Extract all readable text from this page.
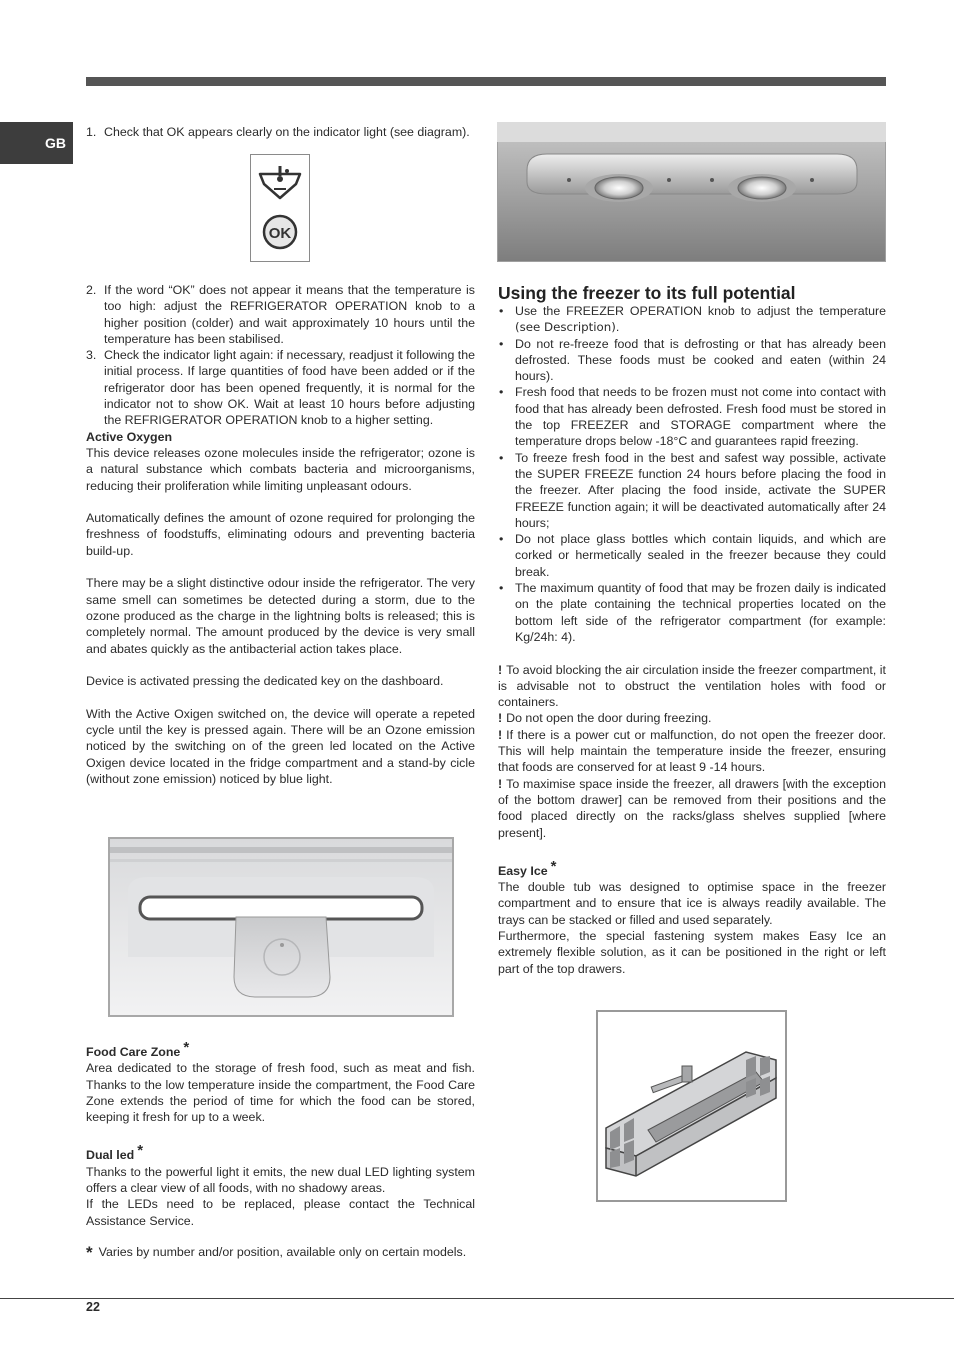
GB
1. Check that OK appears clearly on the indicator light (see diagram).
OK
2. If the word “OK” does not appear it means that the temperature is too high: adjust the REFRIGERATOR OPERATION knob to a higher position (colder) and wait approximately 10 hours until the temperature has been stabilised.
3. Check the indicator light again: if necessary, readjust it following the initial process. If large quantities of food have been added or if the refrigerator door has been opened frequently, it is normal for the indicator not to show OK. Wait at least 10 hours before adjusting the REFRIGERATOR OPERATION knob to a higher setting.

Active Oxygen

This device releases ozone molecules inside the refrigerator; ozone is a natural substance which combats bacteria and microorganisms, reducing their proliferation while limiting unpleasant odours.

Automatically defines the amount of ozone required for prolonging the freshness of foodstuffs, eliminating odours and preventing bacteria build-up.

There may be a slight distinctive odour inside the refrigerator. The very same smell can sometimes be detected during a storm, due to the ozone produced as the charge in the lightning bolts is released; this is completely normal. The amount produced by the device is very small and abates quickly as the antibacterial action takes place.

Device is activated pressing the dedicated key on the dashboard.

With the Active Oxigen switched on, the device will operate a repeted cycle until the key is pressed again. There will be an Ozone emission noticed by the switching on of the green led located on the Active Oxigen device located in the fridge compartment and a stand-by cicle (without zone emission) noticed by blue light.

Food Care Zone *

Area dedicated to the storage of fresh food, such as meat and fish. Thanks to the low temperature inside the compartment, the Food Care Zone extends the period of time for which the food can be stored, keeping it fresh for up to a week.

Dual led *

Thanks to the powerful light it emits, the new dual LED lighting system offers a clear view of all foods, with no shadowy areas.

If the LEDs need to be replaced, please contact the Technical Assistance Service.

* Varies by number and/or position, available only on certain models.

Using the freezer to its full potential
• Use the FREEZER OPERATION knob to adjust the temperature (see Description).
• Do not re-freeze food that is defrosting or that has already been defrosted. These foods must be cooked and eaten (within 24 hours).
• Fresh food that needs to be frozen must not come into contact with food that has already been defrosted. Fresh food must be stored in the top FREEZER and STORAGE compartment where the temperature drops below -18°C and guarantees rapid freezing.
• To freeze fresh food in the best and safest way possible, activate the SUPER FREEZE function 24 hours before placing the food in the freezer. After placing the food inside, activate the SUPER FREEZE function again; it will be deactivated automatically after 24 hours;
• Do not place glass bottles which contain liquids, and which are corked or hermetically sealed in the freezer because they could break.
• The maximum quantity of food that may be frozen daily is indicated on the plate containing the technical properties located on the bottom left side of the refrigerator compartment (for example: Kg/24h: 4).

! To avoid blocking the air circulation inside the freezer compartment, it is advisable not to obstruct the ventilation holes with food or containers.

! Do not open the door during freezing.

! If there is a power cut or malfunction, do not open the freezer door. This will help maintain the temperature inside the freezer, ensuring that foods are conserved for at least 9 -14 hours.

! To maximise space inside the freezer, all drawers [with the exception of the bottom drawer] can be removed from their positions and the food placed directly on the racks/glass shelves supplied [where present].

Easy Ice *

The double tub was designed to optimise space in the freezer compartment and to ensure that ice is always readily available. The trays can be stacked or filled and used separately.

Furthermore, the special fastening system makes Easy Ice an extremely flexible solution, as it can be positioned in the right or left part of the top drawers.

22
